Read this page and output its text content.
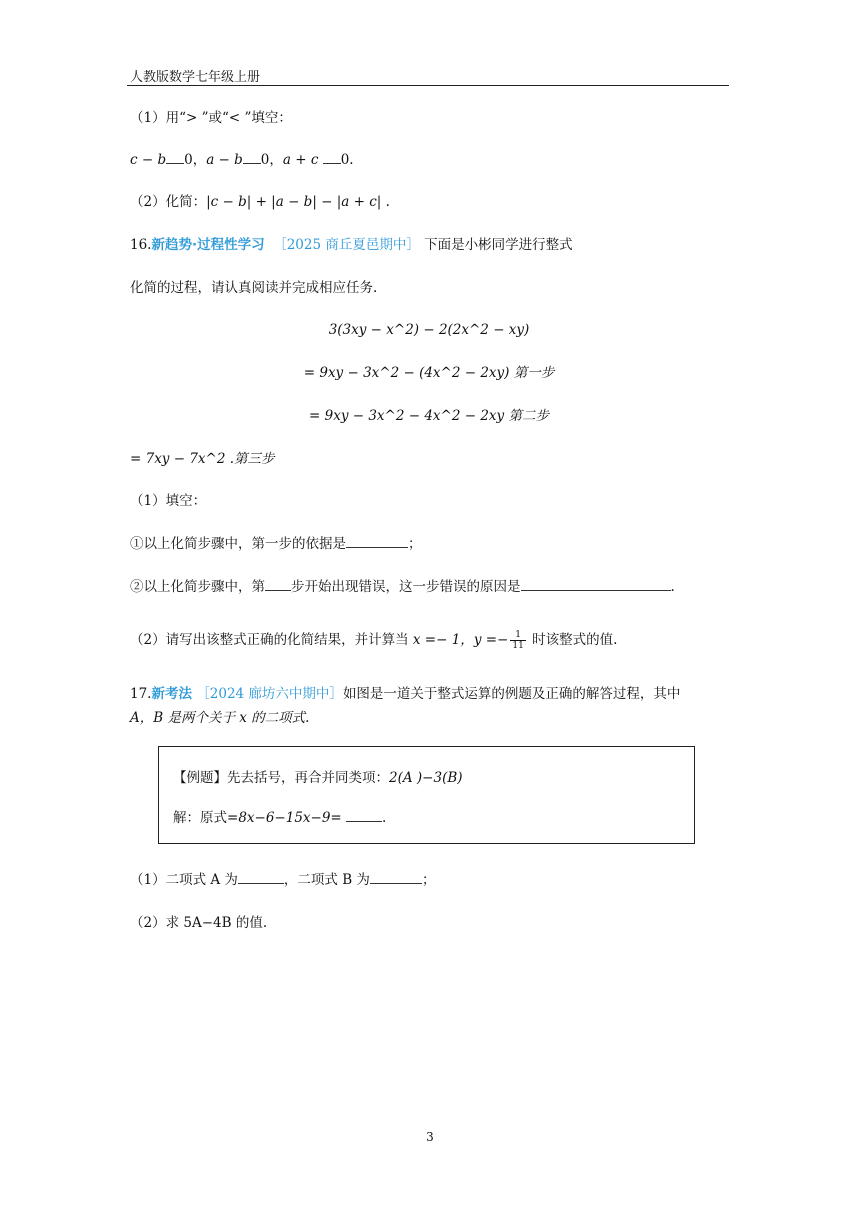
人教版数学七年级上册
（1）用“> ”或“< ”填空：
c − b 0，a − b 0，a + c 0.
（2）化简：|c − b| + |a − b| − |a + c| .
16.新趋势·过程性学习 ［2025 商丘夏邑期中］ 下面是小彬同学进行整式
化简的过程，请认真阅读并完成相应任务.
3(3xy − x^2) − 2(2x^2 − xy)
= 9xy − 3x^2 − (4x^2 − 2xy) 第一步
= 9xy − 3x^2 − 4x^2 − 2xy 第二步
= 7xy − 7x^2 .第三步
（1）填空：
①以上化简步骤中，第一步的依据是	；
②以上化简步骤中，第 步开始出现错误，这一步错误的原因是	.
（2）请写出该整式正确的化简结果，并计算当 x =− 1，$y =- \frac{1}{11}$ 时该整式的值.
17.新考法 ［2024 廊坊六中期中］如图是一道关于整式运算的例题及正确的解答过程，其中
A，B 是两个关于 x 的二项式.
【例题】先去括号，再合并同类项：2(A )−3(B)
解：原式=8x−6−15x−9=	.
（1）二项式 A 为	，二项式 B 为	；
（2）求 5A−4B 的值.
3
